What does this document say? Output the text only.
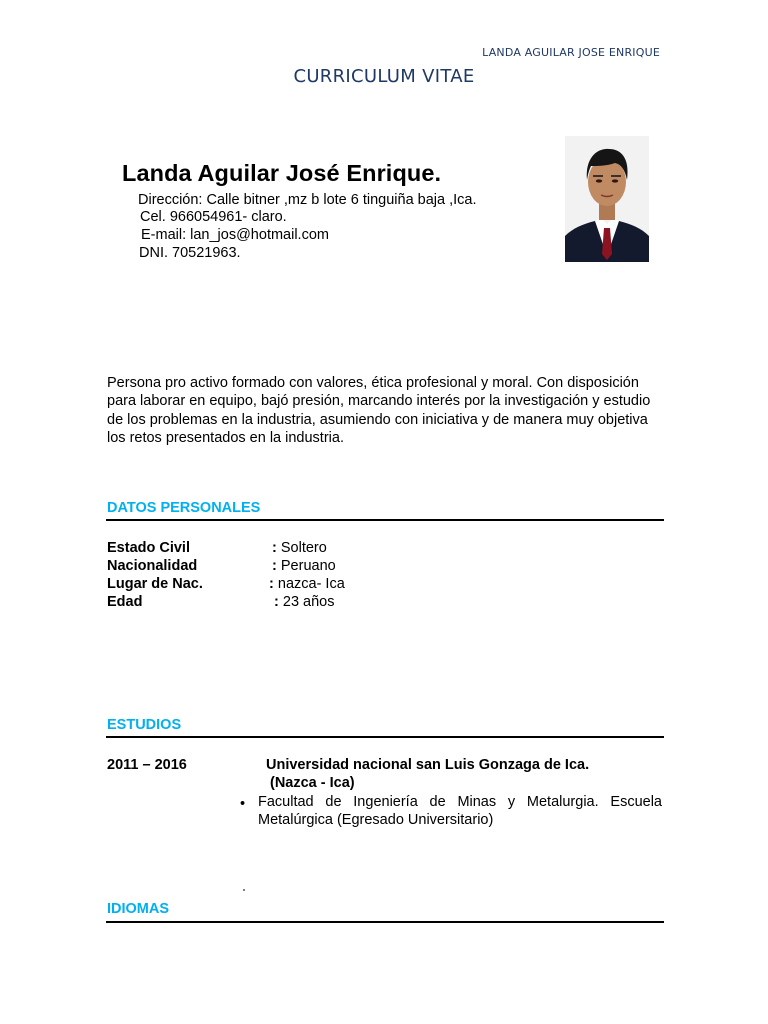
LANDA AGUILAR JOSE ENRIQUE
CURRICULUM VITAE
Landa Aguilar José Enrique.
Dirección: Calle bitner ,mz b lote 6 tinguiña baja ,Ica.
Cel. 966054961- claro.
E-mail: lan_jos@hotmail.com
DNI. 70521963.
Persona pro activo formado con valores, ética profesional y moral. Con disposición
para laborar en equipo, bajó presión, marcando interés por la investigación y estudio
de los problemas en la industria, asumiendo con iniciativa y de manera muy objetiva
los retos presentados en la industria.
DATOS PERSONALES
Estado Civil	: Soltero
Nacionalidad	: Peruano
Lugar de Nac.	: nazca- Ica
Edad	: 23 años
ESTUDIOS
2011 – 2016	Universidad nacional san Luis Gonzaga de Ica.
(Nazca - Ica)
• Facultad de Ingeniería de Minas y Metalurgia. Escuela Metalúrgica (Egresado Universitario)
IDIOMAS
